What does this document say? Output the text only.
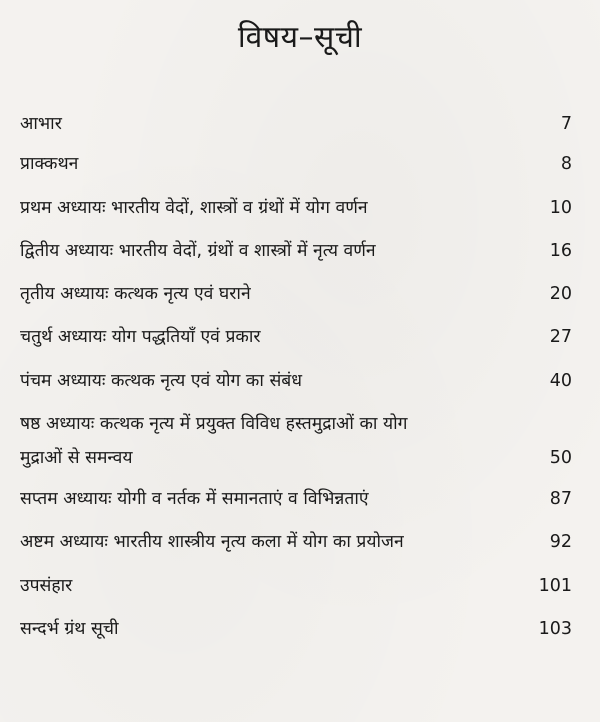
विषय–सूची
आभार	7
प्राक्कथन	8
प्रथम अध्यायः भारतीय वेदों, शास्त्रों व ग्रंथों में योग वर्णन	10
द्वितीय अध्यायः भारतीय वेदों, ग्रंथों व शास्त्रों में नृत्य वर्णन	16
तृतीय अध्यायः कत्थक नृत्य एवं घराने	20
चतुर्थ अध्यायः योग पद्धतियाँ एवं प्रकार	27
पंचम अध्यायः कत्थक नृत्य एवं योग का संबंध	40
षष्ठ अध्यायः कत्थक नृत्य में प्रयुक्त विविध हस्तमुद्राओं का योग
मुद्राओं से समन्वय	50
सप्तम अध्यायः योगी व नर्तक में समानताएं व विभिन्नताएं	87
अष्टम अध्यायः भारतीय शास्त्रीय नृत्य कला में योग का प्रयोजन	92
उपसंहार	101
सन्दर्भ ग्रंथ सूची	103
